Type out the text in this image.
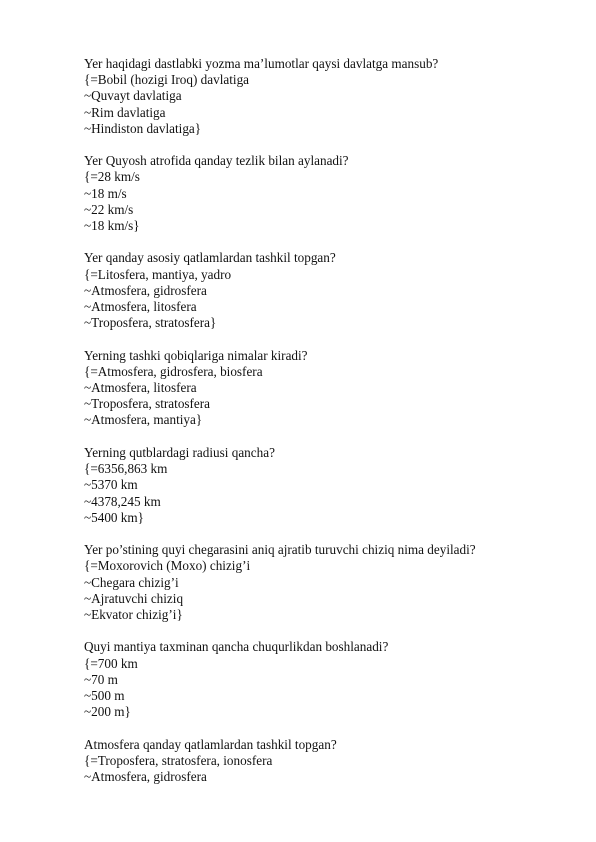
Yer haqidagi dastlabki yozma ma’lumotlar qaysi davlatga mansub?
{=Bobil (hozigi Iroq) davlatiga
~Quvayt davlatiga
~Rim davlatiga
~Hindiston davlatiga}
Yer Quyosh atrofida qanday tezlik bilan aylanadi?
{=28 km/s
~18 m/s
~22 km/s
~18 km/s}
Yer qanday asosiy qatlamlardan tashkil topgan?
{=Litosfera, mantiya, yadro
~Atmosfera, gidrosfera
~Atmosfera, litosfera
~Troposfera, stratosfera}
Yerning tashki qobiqlariga nimalar kiradi?
{=Atmosfera, gidrosfera, biosfera
~Atmosfera, litosfera
~Troposfera, stratosfera
~Atmosfera, mantiya}
Yerning qutblardagi radiusi qancha?
{=6356,863 km
~5370 km
~4378,245 km
~5400 km}
Yer po’stining quyi chegarasini aniq ajratib turuvchi chiziq nima deyiladi?
{=Moxorovich (Moxo) chizig’i
~Chegara chizig’i
~Ajratuvchi chiziq
~Ekvator chizig’i}
Quyi mantiya taxminan qancha chuqurlikdan boshlanadi?
{=700 km
~70 m
~500 m
~200 m}
Atmosfera qanday qatlamlardan tashkil topgan?
{=Troposfera, stratosfera, ionosfera
~Atmosfera, gidrosfera
